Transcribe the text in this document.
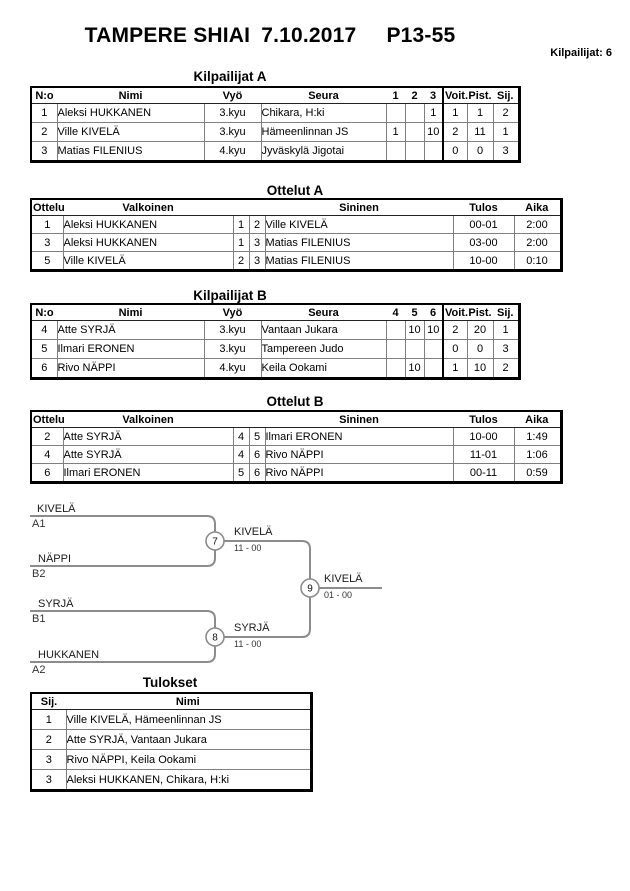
TAMPERE SHIAI 7.10.2017 P13-55
Kilpailijat: 6
Kilpailijat A
N:o	Nimi	Vyö	Seura	1	2	3	Voit.	Pist.	Sij.
1	Aleksi HUKKANEN	3.kyu	Chikara, H:ki			1	1	1	2
2	Ville KIVELÄ	3.kyu	Hämeenlinnan JS	1		10	2	11	1
3	Matias FILENIUS	4.kyu	Jyväskylä Jigotai				0	0	3
Ottelut A
Ottelu	Valkoinen			Sininen	Tulos	Aika
1	Aleksi HUKKANEN	1	2	Ville KIVELÄ	00-01	2:00
3	Aleksi HUKKANEN	1	3	Matias FILENIUS	03-00	2:00
5	Ville KIVELÄ	2	3	Matias FILENIUS	10-00	0:10
Kilpailijat B
N:o	Nimi	Vyö	Seura	4	5	6	Voit.	Pist.	Sij.
4	Atte SYRJÄ	3.kyu	Vantaan Jukara		10	10	2	20	1
5	Ilmari ERONEN	3.kyu	Tampereen Judo				0	0	3
6	Rivo NÄPPI	4.kyu	Keila Ookami		10		1	10	2
Ottelut B
Ottelu	Valkoinen			Sininen	Tulos	Aika
2	Atte SYRJÄ	4	5	Ilmari ERONEN	10-00	1:49
4	Atte SYRJÄ	4	6	Rivo NÄPPI	11-01	1:06
6	Ilmari ERONEN	5	6	Rivo NÄPPI	00-11	0:59
7
8
9
KIVELÄ
A1
NÄPPI
B2
SYRJÄ
B1
HUKKANEN
A2
KIVELÄ
11 - 00
SYRJÄ
11 - 00
KIVELÄ
01 - 00
Tulokset
Sij.	Nimi
1	Ville KIVELÄ, Hämeenlinnan JS
2	Atte SYRJÄ, Vantaan Jukara
3	Rivo NÄPPI, Keila Ookami
3	Aleksi HUKKANEN, Chikara, H:ki
